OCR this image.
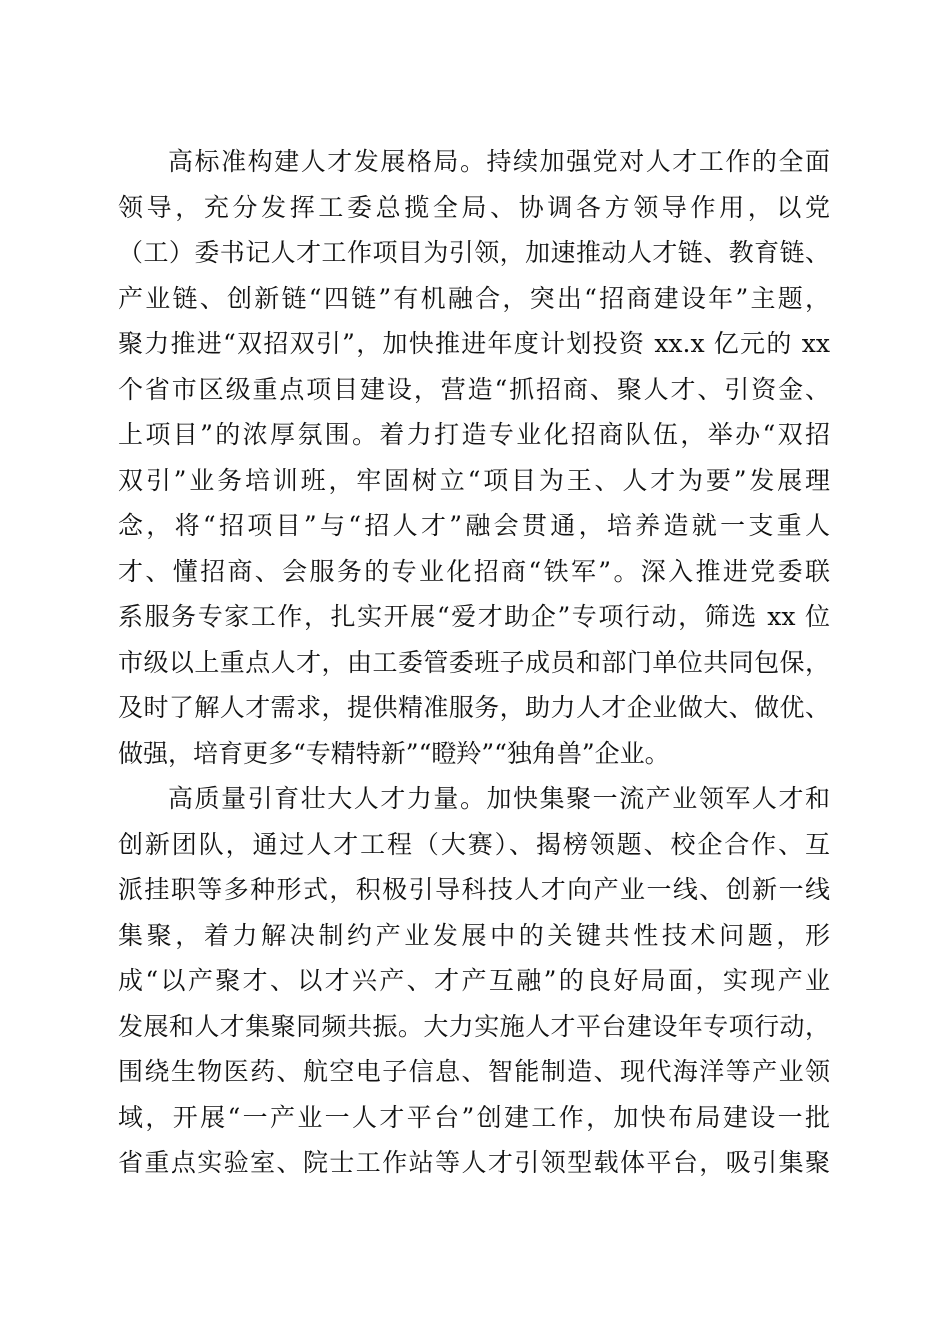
高标准构建人才发展格局。持续加强党对人才工作的全面
领导，充分发挥工委总揽全局、协调各方领导作用，以党
（工）委书记人才工作项目为引领，加速推动人才链、教育链、
产业链、创新链“四链”有机融合，突出“招商建设年”主题，
聚力推进“双招双引”，加快推进年度计划投资 xx.x 亿元的 xx
个省市区级重点项目建设，营造“抓招商、聚人才、引资金、
上项目”的浓厚氛围。着力打造专业化招商队伍，举办“双招
双引”业务培训班，牢固树立“项目为王、人才为要”发展理
念，将“招项目”与“招人才”融会贯通，培养造就一支重人
才、懂招商、会服务的专业化招商“铁军”。深入推进党委联
系服务专家工作，扎实开展“爱才助企”专项行动，筛选 xx 位
市级以上重点人才，由工委管委班子成员和部门单位共同包保，
及时了解人才需求，提供精准服务，助力人才企业做大、做优、
做强，培育更多“专精特新”“瞪羚”“独角兽”企业。
高质量引育壮大人才力量。加快集聚一流产业领军人才和
创新团队，通过人才工程（大赛）、揭榜领题、校企合作、互
派挂职等多种形式，积极引导科技人才向产业一线、创新一线
集聚，着力解决制约产业发展中的关键共性技术问题，形
成“以产聚才、以才兴产、才产互融”的良好局面，实现产业
发展和人才集聚同频共振。大力实施人才平台建设年专项行动，
围绕生物医药、航空电子信息、智能制造、现代海洋等产业领
域，开展“一产业一人才平台”创建工作，加快布局建设一批
省重点实验室、院士工作站等人才引领型载体平台，吸引集聚
